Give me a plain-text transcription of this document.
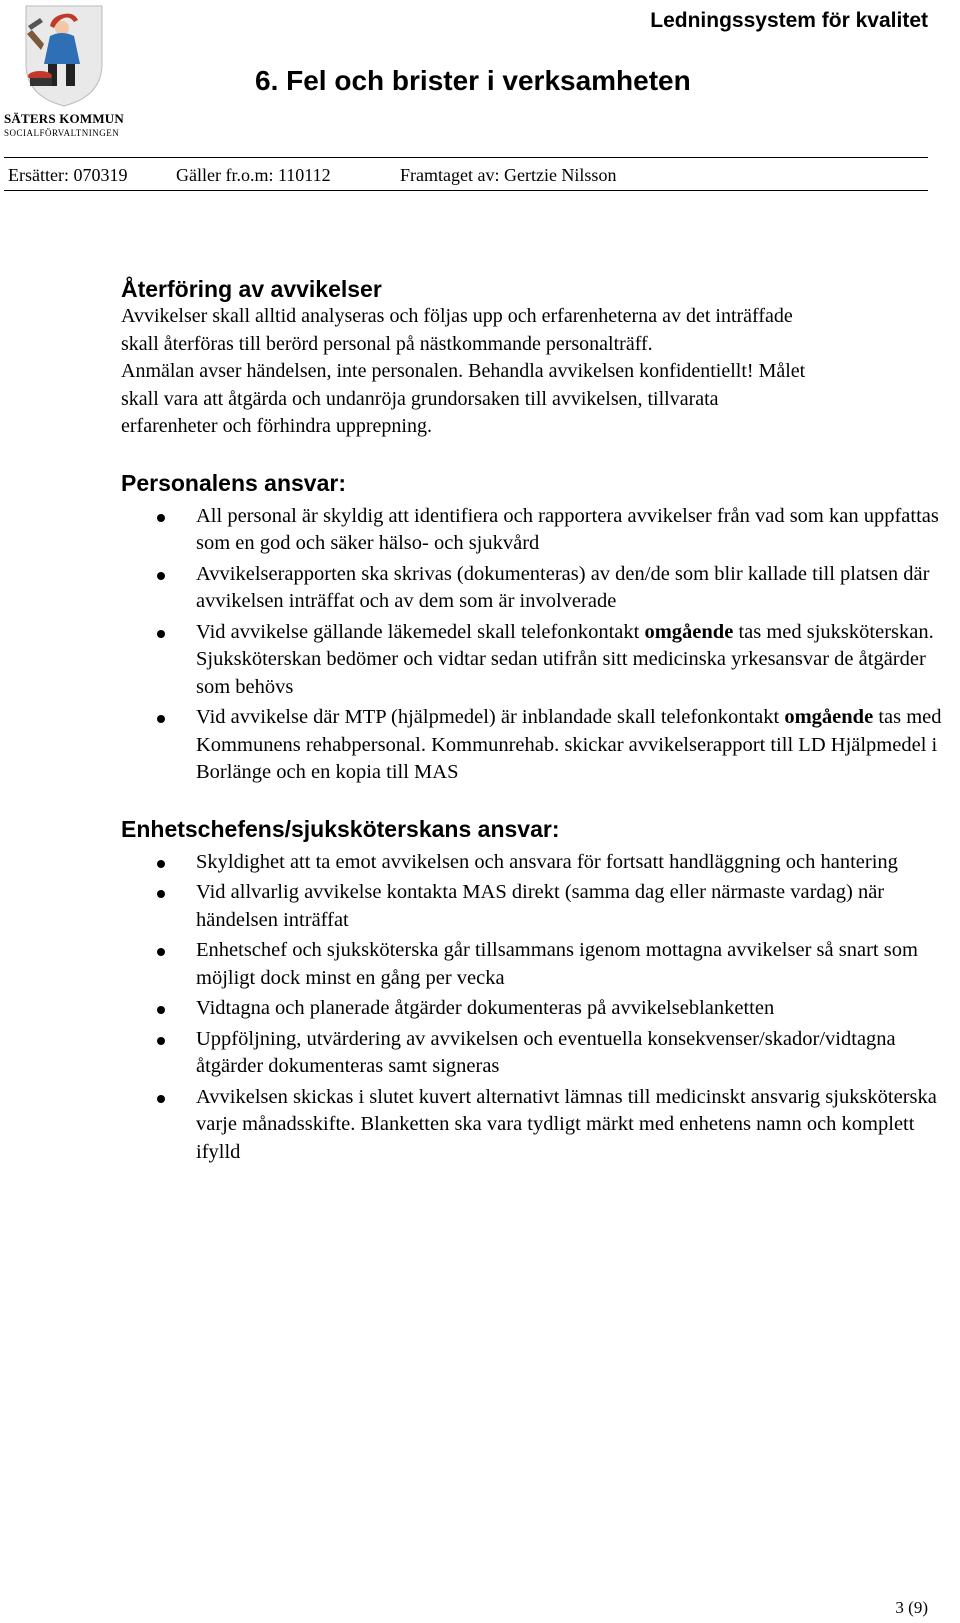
SÄTERS KOMMUN
SOCIALFÖRVALTNINGEN
Ledningssystem för kvalitet
6. Fel och brister i verksamheten
Ersätter: 070319	Gäller fr.o.m: 110112	Framtaget av: Gertzie Nilsson
Återföring av avvikelser

Avvikelser skall alltid analyseras och följas upp och erfarenheterna av det inträffade
skall återföras till berörd personal på nästkommande personalträff.
Anmälan avser händelsen, inte personalen. Behandla avvikelsen konfidentiellt! Målet
skall vara att åtgärda och undanröja grundorsaken till avvikelsen, tillvarata
erfarenheter och förhindra upprepning.

Personalens ansvar:
All personal är skyldig att identifiera och rapportera avvikelser från vad som kan uppfattas som en god och säker hälso- och sjukvård
Avvikelserapporten ska skrivas (dokumenteras) av den/de som blir kallade till platsen där avvikelsen inträffat och av dem som är involverade
Vid avvikelse gällande läkemedel skall telefonkontakt omgående tas med sjuksköterskan. Sjuksköterskan bedömer och vidtar sedan utifrån sitt medicinska yrkesansvar de åtgärder som behövs
Vid avvikelse där MTP (hjälpmedel) är inblandade skall telefonkontakt omgående tas med Kommunens rehabpersonal. Kommunrehab. skickar avvikelserapport till LD Hjälpmedel i Borlänge och en kopia till MAS
Enhetschefens/sjuksköterskans ansvar:
Skyldighet att ta emot avvikelsen och ansvara för fortsatt handläggning och hantering
Vid allvarlig avvikelse kontakta MAS direkt (samma dag eller närmaste vardag) när händelsen inträffat
Enhetschef och sjuksköterska går tillsammans igenom mottagna avvikelser så snart som möjligt dock minst en gång per vecka
Vidtagna och planerade åtgärder dokumenteras på avvikelseblanketten
Uppföljning, utvärdering av avvikelsen och eventuella konsekvenser/skador/vidtagna åtgärder dokumenteras samt signeras
Avvikelsen skickas i slutet kuvert alternativt lämnas till medicinskt ansvarig sjuksköterska varje månadsskifte. Blanketten ska vara tydligt märkt med enhetens namn och komplett ifylld
3 (9)
